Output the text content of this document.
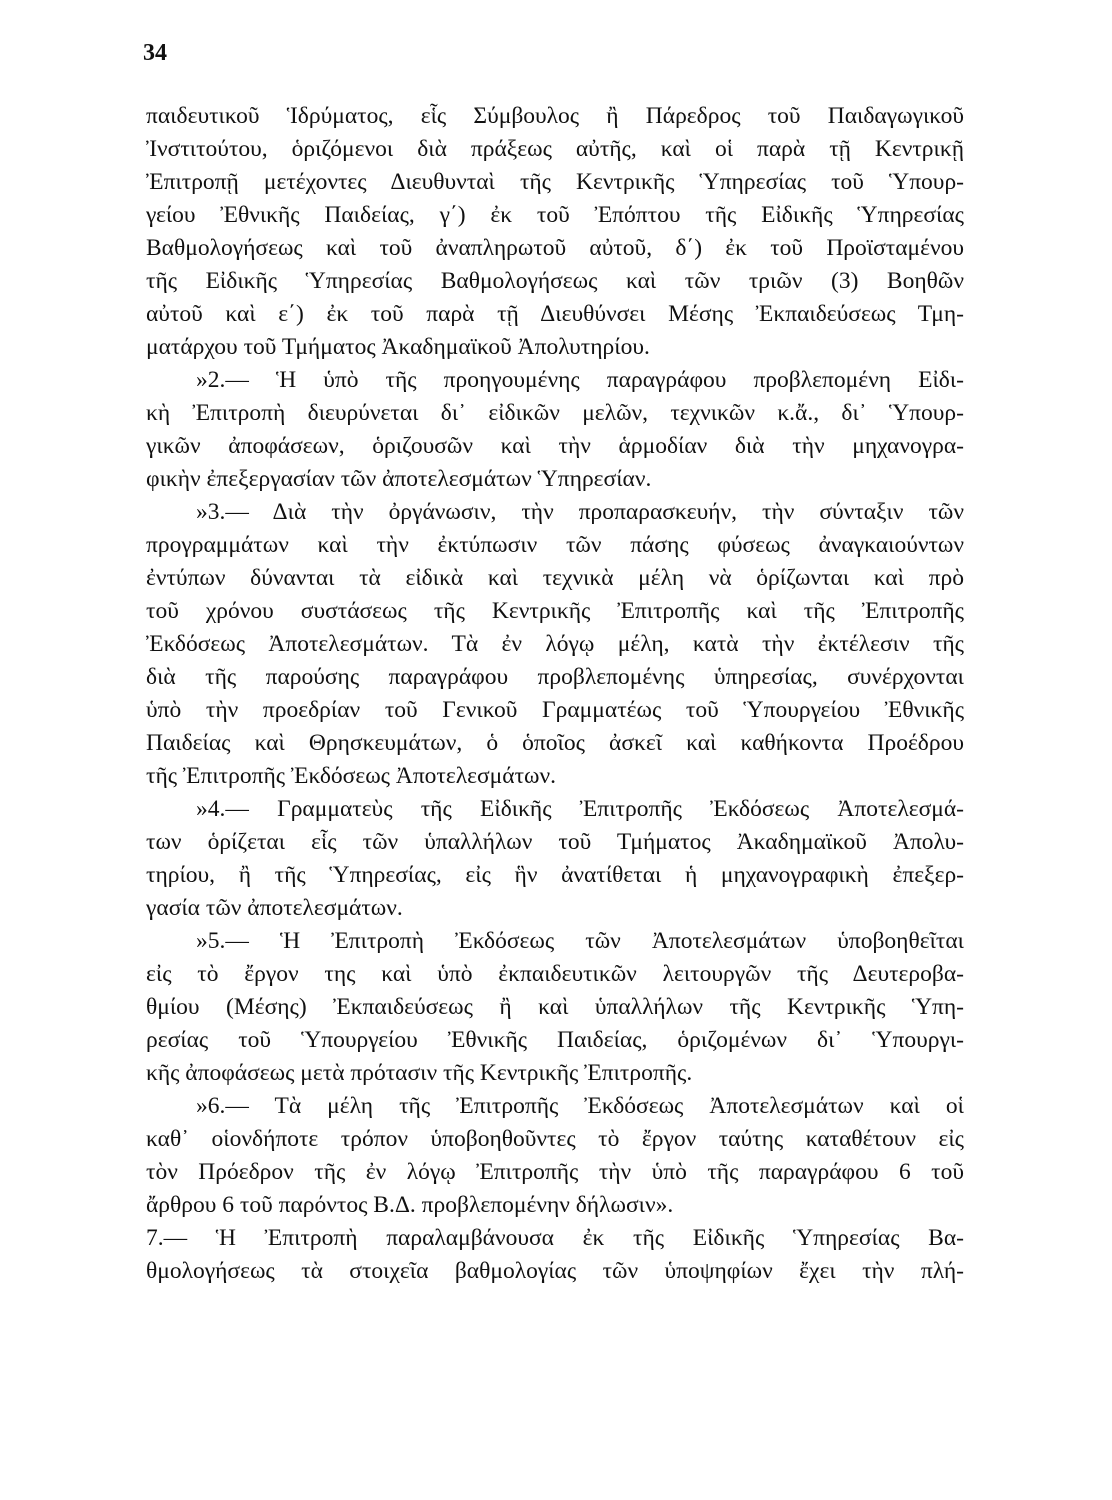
34
παιδευτικοῦ Ἱδρύματος, εἷς Σύμβουλος ἢ Πάρεδρος τοῦ Παιδαγωγικοῦ
Ἰνστιτούτου, ὁριζόμενοι διὰ πράξεως αὐτῆς, καὶ οἱ παρὰ τῇ Κεντρικῇ
Ἐπιτροπῇ μετέχοντες Διευθυνταὶ τῆς Κεντρικῆς Ὑπηρεσίας τοῦ Ὑπουρ-
γείου Ἐθνικῆς Παιδείας, γ΄) ἐκ τοῦ Ἐπόπτου τῆς Εἰδικῆς Ὑπηρεσίας
Βαθμολογήσεως καὶ τοῦ ἀναπληρωτοῦ αὐτοῦ, δ΄) ἐκ τοῦ Προϊσταμένου
τῆς Εἰδικῆς Ὑπηρεσίας Βαθμολογήσεως καὶ τῶν τριῶν (3) Βοηθῶν
αὐτοῦ καὶ ε΄) ἐκ τοῦ παρὰ τῇ Διευθύνσει Μέσης Ἐκπαιδεύσεως Τμη-
ματάρχου τοῦ Τμήματος Ἀκαδημαϊκοῦ Ἀπολυτηρίου.
»2.— Ἡ ὑπὸ τῆς προηγουμένης παραγράφου προβλεπομένη Εἰδι-
κὴ Ἐπιτροπὴ διευρύνεται δι᾽ εἰδικῶν μελῶν, τεχνικῶν κ.ἄ., δι᾽ Ὑπουρ-
γικῶν ἀποφάσεων, ὁριζουσῶν καὶ τὴν ἁρμοδίαν διὰ τὴν μηχανογρα-
φικὴν ἐπεξεργασίαν τῶν ἀποτελεσμάτων Ὑπηρεσίαν.
»3.— Διὰ τὴν ὀργάνωσιν, τὴν προπαρασκευήν, τὴν σύνταξιν τῶν
προγραμμάτων καὶ τὴν ἐκτύπωσιν τῶν πάσης φύσεως ἀναγκαιούντων
ἐντύπων δύνανται τὰ εἰδικὰ καὶ τεχνικὰ μέλη νὰ ὁρίζωνται καὶ πρὸ
τοῦ χρόνου συστάσεως τῆς Κεντρικῆς Ἐπιτροπῆς καὶ τῆς Ἐπιτροπῆς
Ἐκδόσεως Ἀποτελεσμάτων. Τὰ ἐν λόγῳ μέλη, κατὰ τὴν ἐκτέλεσιν τῆς
διὰ τῆς παρούσης παραγράφου προβλεπομένης ὑπηρεσίας, συνέρχονται
ὑπὸ τὴν προεδρίαν τοῦ Γενικοῦ Γραμματέως τοῦ Ὑπουργείου Ἐθνικῆς
Παιδείας καὶ Θρησκευμάτων, ὁ ὁποῖος ἀσκεῖ καὶ καθήκοντα Προέδρου
τῆς Ἐπιτροπῆς Ἐκδόσεως Ἀποτελεσμάτων.
»4.— Γραμματεὺς τῆς Εἰδικῆς Ἐπιτροπῆς Ἐκδόσεως Ἀποτελεσμά-
των ὁρίζεται εἷς τῶν ὑπαλλήλων τοῦ Τμήματος Ἀκαδημαϊκοῦ Ἀπολυ-
τηρίου, ἢ τῆς Ὑπηρεσίας, εἰς ἣν ἀνατίθεται ἡ μηχανογραφικὴ ἐπεξερ-
γασία τῶν ἀποτελεσμάτων.
»5.— Ἡ Ἐπιτροπὴ Ἐκδόσεως τῶν Ἀποτελεσμάτων ὑποβοηθεῖται
εἰς τὸ ἔργον της καὶ ὑπὸ ἐκπαιδευτικῶν λειτουργῶν τῆς Δευτεροβα-
θμίου (Μέσης) Ἐκπαιδεύσεως ἢ καὶ ὑπαλλήλων τῆς Κεντρικῆς Ὑπη-
ρεσίας τοῦ Ὑπουργείου Ἐθνικῆς Παιδείας, ὁριζομένων δι᾽ Ὑπουργι-
κῆς ἀποφάσεως μετὰ πρότασιν τῆς Κεντρικῆς Ἐπιτροπῆς.
»6.— Τὰ μέλη τῆς Ἐπιτροπῆς Ἐκδόσεως Ἀποτελεσμάτων καὶ οἱ
καθ᾽ οἱονδήποτε τρόπον ὑποβοηθοῦντες τὸ ἔργον ταύτης καταθέτουν εἰς
τὸν Πρόεδρον τῆς ἐν λόγῳ Ἐπιτροπῆς τὴν ὑπὸ τῆς παραγράφου 6 τοῦ
ἄρθρου 6 τοῦ παρόντος Β.Δ. προβλεπομένην δήλωσιν».
7.— Ἡ Ἐπιτροπὴ παραλαμβάνουσα ἐκ τῆς Εἰδικῆς Ὑπηρεσίας Βα-
θμολογήσεως τὰ στοιχεῖα βαθμολογίας τῶν ὑποψηφίων ἔχει τὴν πλή-
